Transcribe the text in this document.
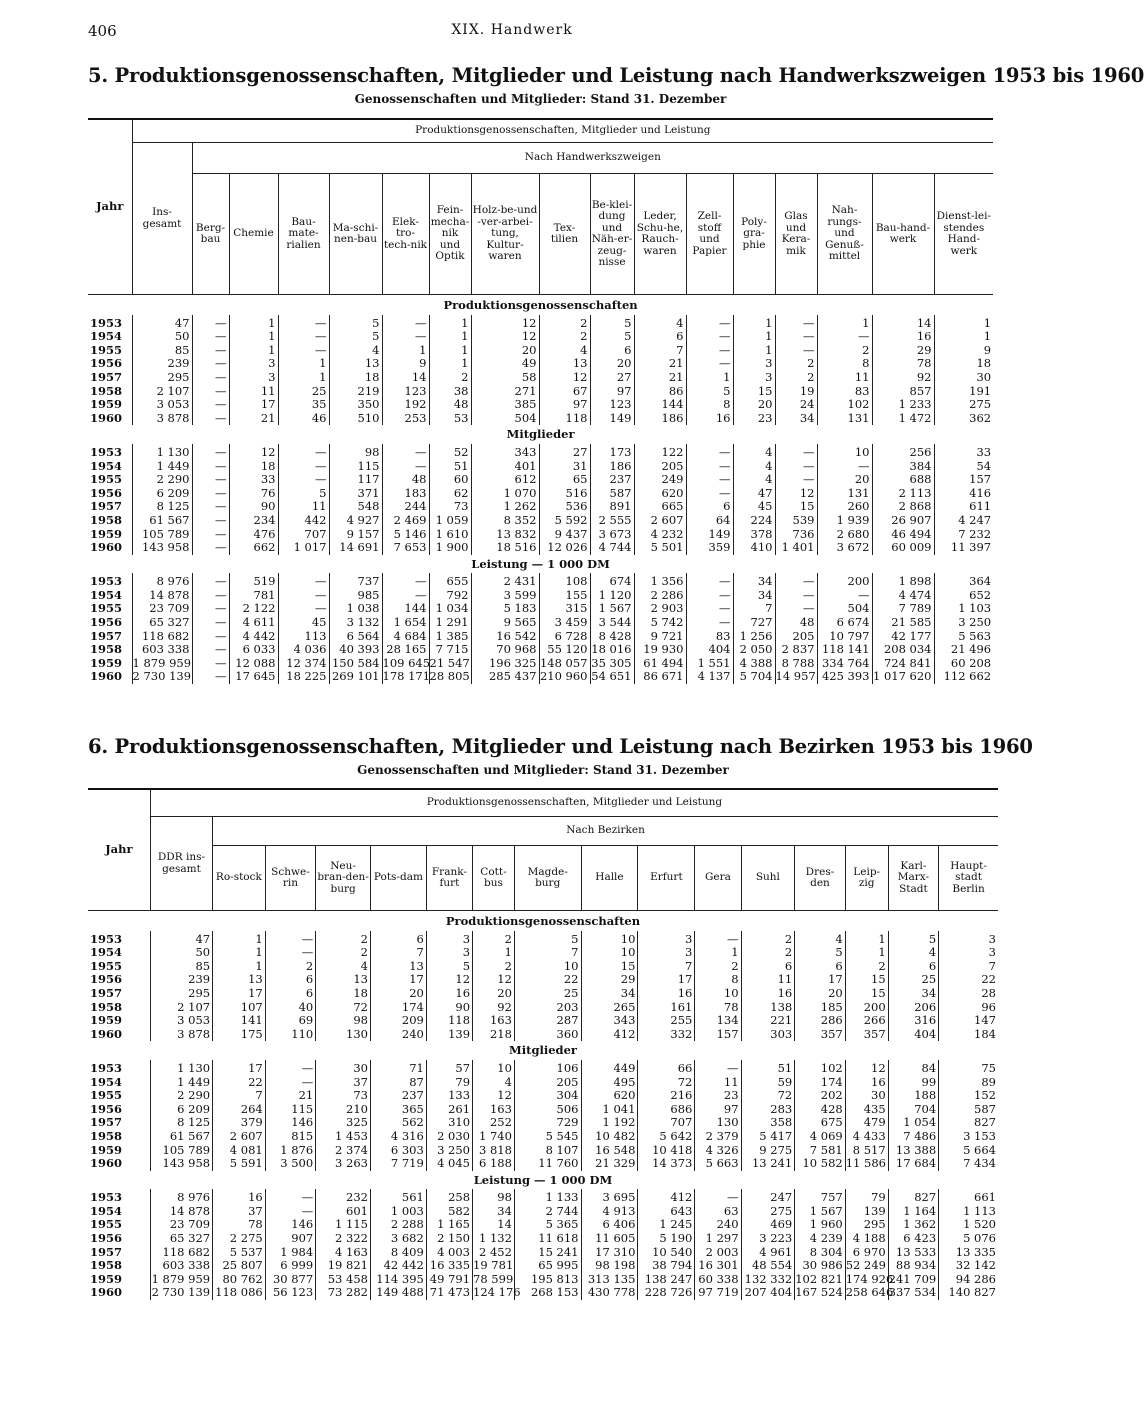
406	XIX. Handwerk
5. Produktionsgenossenschaften, Mitglieder und Leistung nach Handwerkszweigen 1953 bis 1960
Genossenschaften und Mitglieder: Stand 31. Dezember
Jahr	Produktionsgenossenschaften, Mitglieder und Leistung																
	Ins-gesamt	Nach Handwerkszweigen															
		Berg-bau	Chemie	Bau-mate-rialien	Ma-schi-nen-bau	Elek-tro-tech-nik	Fein-mecha-nik und Optik	Holz-be-und -ver-arbei-tung, Kultur-waren	Tex-tilien	Be-klei-dung und Näh-er-zeug-nisse	Leder, Schu-he, Rauch-waren	Zell-stoff und Papier	Poly-gra-phie	Glas und Kera-mik	Nah-rungs-und Genuß-mittel	Bau-hand-werk	Dienst-lei-stendes Hand-werk
Produktionsgenossenschaften																	
1953	47	—	1	—	5	—	1	12	2	5	4	—	1	—	1	14	1
1954	50	—	1	—	5	—	1	12	2	5	6	—	1	—	—	16	1
1955	85	—	1	—	4	1	1	20	4	6	7	—	1	—	2	29	9
1956	239	—	3	1	13	9	1	49	13	20	21	—	3	2	8	78	18
1957	295	—	3	1	18	14	2	58	12	27	21	1	3	2	11	92	30
1958	2 107	—	11	25	219	123	38	271	67	97	86	5	15	19	83	857	191
1959	3 053	—	17	35	350	192	48	385	97	123	144	8	20	24	102	1 233	275
1960	3 878	—	21	46	510	253	53	504	118	149	186	16	23	34	131	1 472	362
Mitglieder																	
1953	1 130	—	12	—	98	—	52	343	27	173	122	—	4	—	10	256	33
1954	1 449	—	18	—	115	—	51	401	31	186	205	—	4	—	—	384	54
1955	2 290	—	33	—	117	48	60	612	65	237	249	—	4	—	20	688	157
1956	6 209	—	76	5	371	183	62	1 070	516	587	620	—	47	12	131	2 113	416
1957	8 125	—	90	11	548	244	73	1 262	536	891	665	6	45	15	260	2 868	611
1958	61 567	—	234	442	4 927	2 469	1 059	8 352	5 592	2 555	2 607	64	224	539	1 939	26 907	4 247
1959	105 789	—	476	707	9 157	5 146	1 610	13 832	9 437	3 673	4 232	149	378	736	2 680	46 494	7 232
1960	143 958	—	662	1 017	14 691	7 653	1 900	18 516	12 026	4 744	5 501	359	410	1 401	3 672	60 009	11 397
Leistung — 1 000 DM																	
1953	8 976	—	519	—	737	—	655	2 431	108	674	1 356	—	34	—	200	1 898	364
1954	14 878	—	781	—	985	—	792	3 599	155	1 120	2 286	—	34	—	—	4 474	652
1955	23 709	—	2 122	—	1 038	144	1 034	5 183	315	1 567	2 903	—	7	—	504	7 789	1 103
1956	65 327	—	4 611	45	3 132	1 654	1 291	9 565	3 459	3 544	5 742	—	727	48	6 674	21 585	3 250
1957	118 682	—	4 442	113	6 564	4 684	1 385	16 542	6 728	8 428	9 721	83	1 256	205	10 797	42 177	5 563
1958	603 338	—	6 033	4 036	40 393	28 165	7 715	70 968	55 120	18 016	19 930	404	2 050	2 837	118 141	208 034	21 496
1959	1 879 959	—	12 088	12 374	150 584	109 645	21 547	196 325	148 057	35 305	61 494	1 551	4 388	8 788	334 764	724 841	60 208
1960	2 730 139	—	17 645	18 225	269 101	178 171	28 805	285 437	210 960	54 651	86 671	4 137	5 704	14 957	425 393	1 017 620	112 662
6. Produktionsgenossenschaften, Mitglieder und Leistung nach Bezirken 1953 bis 1960
Genossenschaften und Mitglieder: Stand 31. Dezember
Jahr	Produktionsgenossenschaften, Mitglieder und Leistung															
	DDR ins-gesamt	Nach Bezirken														
		Ro-stock	Schwe-rin	Neu-bran-den-burg	Pots-dam	Frank-furt	Cott-bus	Magde-burg	Halle	Erfurt	Gera	Suhl	Dres-den	Leip-zig	Karl-Marx-Stadt	Haupt-stadt Berlin
Produktionsgenossenschaften																
1953	47	1	—	2	6	3	2	5	10	3	—	2	4	1	5	3
1954	50	1	—	2	7	3	1	7	10	3	1	2	5	1	4	3
1955	85	1	2	4	13	5	2	10	15	7	2	6	6	2	6	7
1956	239	13	6	13	17	12	12	22	29	17	8	11	17	15	25	22
1957	295	17	6	18	20	16	20	25	34	16	10	16	20	15	34	28
1958	2 107	107	40	72	174	90	92	203	265	161	78	138	185	200	206	96
1959	3 053	141	69	98	209	118	163	287	343	255	134	221	286	266	316	147
1960	3 878	175	110	130	240	139	218	360	412	332	157	303	357	357	404	184
Mitglieder																
1953	1 130	17	—	30	71	57	10	106	449	66	—	51	102	12	84	75
1954	1 449	22	—	37	87	79	4	205	495	72	11	59	174	16	99	89
1955	2 290	7	21	73	237	133	12	304	620	216	23	72	202	30	188	152
1956	6 209	264	115	210	365	261	163	506	1 041	686	97	283	428	435	704	587
1957	8 125	379	146	325	562	310	252	729	1 192	707	130	358	675	479	1 054	827
1958	61 567	2 607	815	1 453	4 316	2 030	1 740	5 545	10 482	5 642	2 379	5 417	4 069	4 433	7 486	3 153
1959	105 789	4 081	1 876	2 374	6 303	3 250	3 818	8 107	16 548	10 418	4 326	9 275	7 581	8 517	13 388	5 664
1960	143 958	5 591	3 500	3 263	7 719	4 045	6 188	11 760	21 329	14 373	5 663	13 241	10 582	11 586	17 684	7 434
Leistung — 1 000 DM																
1953	8 976	16	—	232	561	258	98	1 133	3 695	412	—	247	757	79	827	661
1954	14 878	37	—	601	1 003	582	34	2 744	4 913	643	63	275	1 567	139	1 164	1 113
1955	23 709	78	146	1 115	2 288	1 165	14	5 365	6 406	1 245	240	469	1 960	295	1 362	1 520
1956	65 327	2 275	907	2 322	3 682	2 150	1 132	11 618	11 605	5 190	1 297	3 223	4 239	4 188	6 423	5 076
1957	118 682	5 537	1 984	4 163	8 409	4 003	2 452	15 241	17 310	10 540	2 003	4 961	8 304	6 970	13 533	13 335
1958	603 338	25 807	6 999	19 821	42 442	16 335	19 781	65 995	98 198	38 794	16 301	48 554	30 986	52 249	88 934	32 142
1959	1 879 959	80 762	30 877	53 458	114 395	49 791	78 599	195 813	313 135	138 247	60 338	132 332	102 821	174 926	241 709	94 286
1960	2 730 139	118 086	56 123	73 282	149 488	71 473	124 176	268 153	430 778	228 726	97 719	207 404	167 524	258 646	337 534	140 827
